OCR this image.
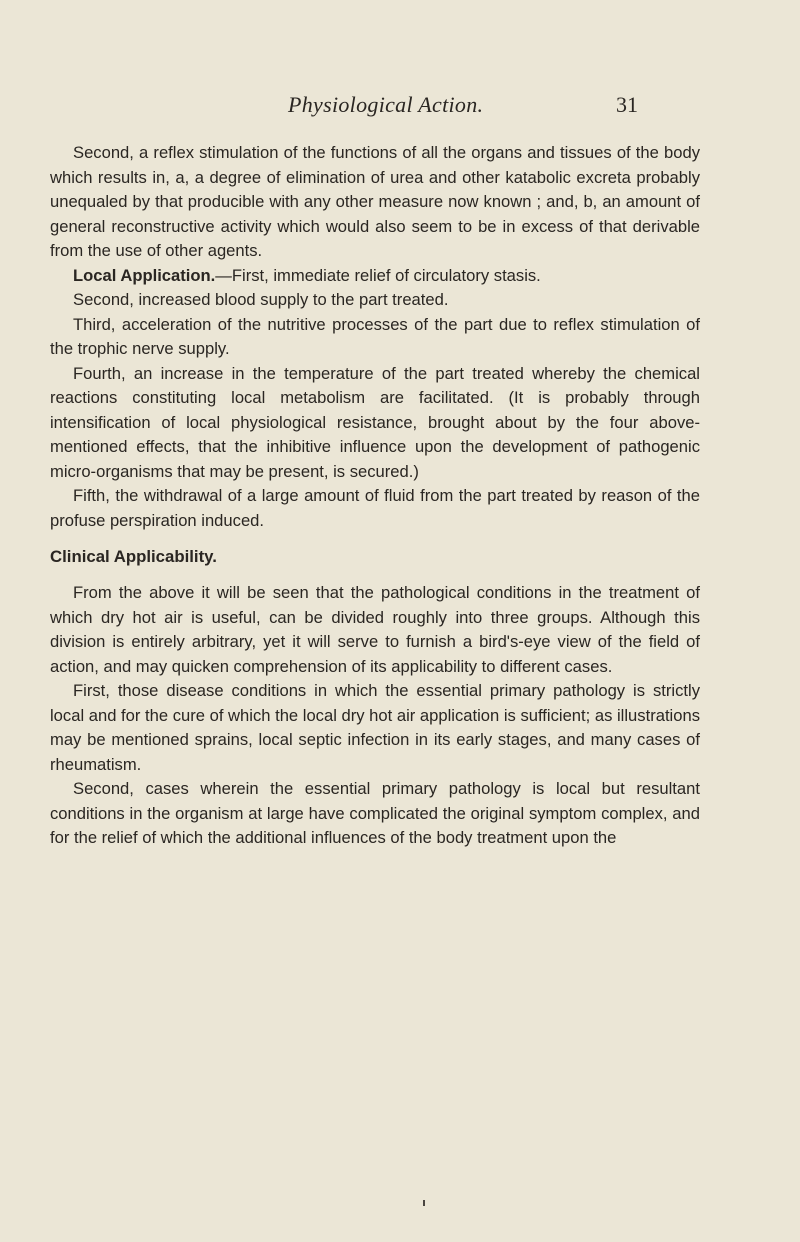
Physiological Action.	31

Second, a reflex stimulation of the functions of all the organs and tissues of the body which results in, a, a degree of elimination of urea and other katabolic excreta probably unequaled by that producible with any other measure now known ; and, b, an amount of general reconstructive activity which would also seem to be in excess of that derivable from the use of other agents.

Local Application.—First, immediate relief of circulatory stasis.

Second, increased blood supply to the part treated.

Third, acceleration of the nutritive processes of the part due to reflex stimulation of the trophic nerve supply.

Fourth, an increase in the temperature of the part treated whereby the chemical reactions constituting local metabolism are facilitated. (It is probably through intensification of local physiological resistance, brought about by the four above-mentioned effects, that the inhibitive influence upon the development of pathogenic micro-organisms that may be present, is secured.)

Fifth, the withdrawal of a large amount of fluid from the part treated by reason of the profuse perspiration induced.

Clinical Applicability.

From the above it will be seen that the pathological conditions in the treatment of which dry hot air is useful, can be divided roughly into three groups. Although this division is entirely arbitrary, yet it will serve to furnish a bird's-eye view of the field of action, and may quicken comprehension of its applicability to different cases.

First, those disease conditions in which the essential primary pathology is strictly local and for the cure of which the local dry hot air application is sufficient; as illustrations may be mentioned sprains, local septic infection in its early stages, and many cases of rheumatism.

Second, cases wherein the essential primary pathology is local but resultant conditions in the organism at large have complicated the original symptom complex, and for the relief of which the additional influences of the body treatment upon the
